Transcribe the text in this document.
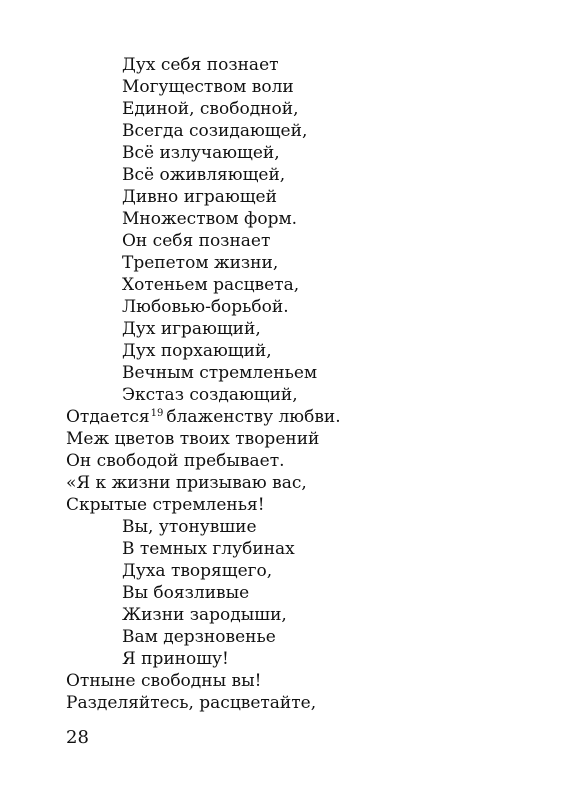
Дух себя познает
Могуществом воли
Единой, свободной,
Всегда созидающей,
Всё излучающей,
Всё оживляющей,
Дивно играющей
Множеством форм.
Он себя познает
Трепетом жизни,
Хотеньем расцвета,
Любовью-борьбой.
Дух играющий,
Дух порхающий,
Вечным стремленьем
Экстаз создающий,
Отдается$^{19}$ блаженству любви.
Меж цветов твоих творений
Он свободой пребывает.
«Я к жизни призываю вас,
Скрытые стремленья!
Вы, утонувшие
В темных глубинах
Духа творящего,
Вы боязливые
Жизни зародыши,
Вам дерзновенье
Я приношу!
Отныне свободны вы!
Разделяйтесь, расцветайте,
28
